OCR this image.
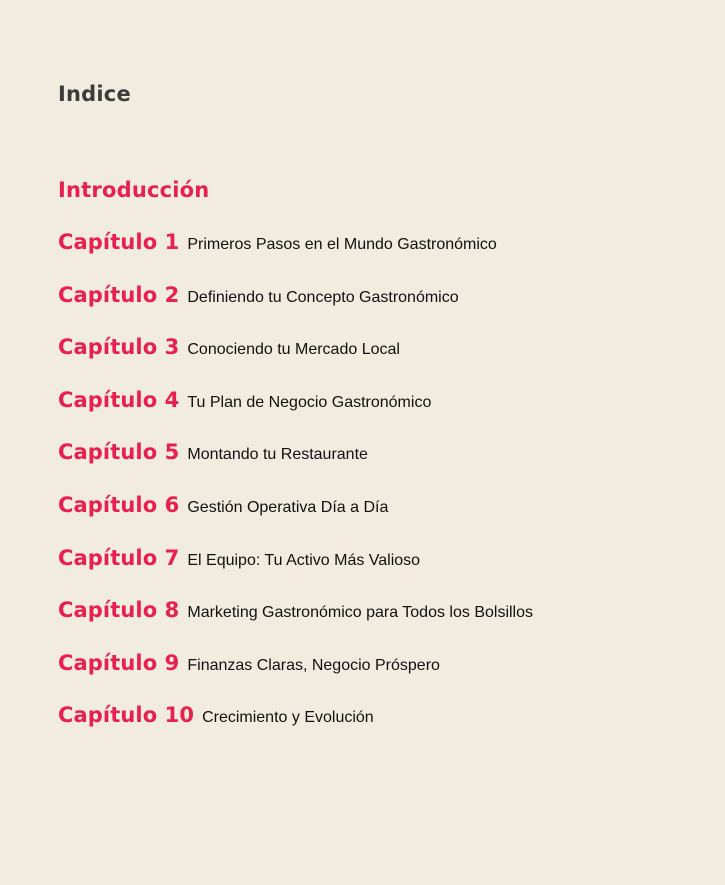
Indice
Introducción
Capítulo 1 Primeros Pasos en el Mundo Gastronómico
Capítulo 2 Definiendo tu Concepto Gastronómico
Capítulo 3 Conociendo tu Mercado Local
Capítulo 4 Tu Plan de Negocio Gastronómico
Capítulo 5 Montando tu Restaurante
Capítulo 6 Gestión Operativa Día a Día
Capítulo 7 El Equipo: Tu Activo Más Valioso
Capítulo 8 Marketing Gastronómico para Todos los Bolsillos
Capítulo 9 Finanzas Claras, Negocio Próspero
Capítulo 10 Crecimiento y Evolución
